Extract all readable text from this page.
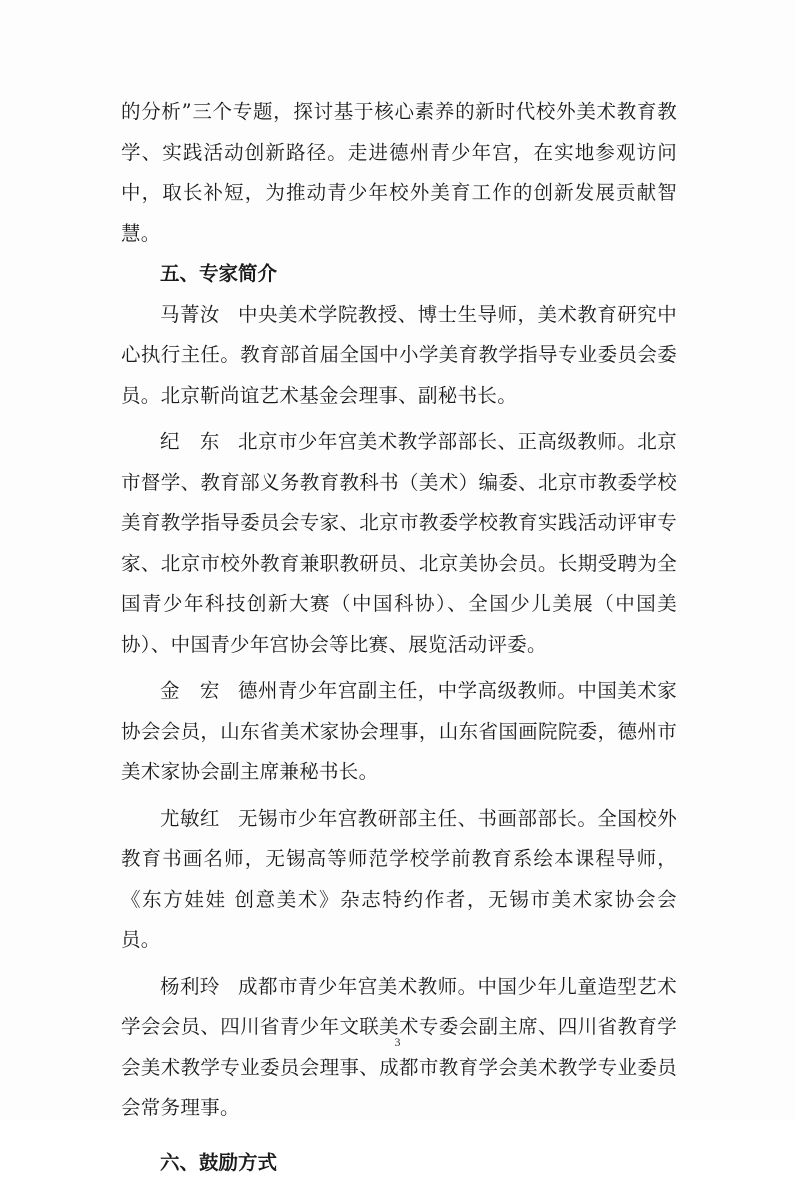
的分析”三个专题，探讨基于核心素养的新时代校外美术教育教学、实践活动创新路径。走进德州青少年宫，在实地参观访问中，取长补短，为推动青少年校外美育工作的创新发展贡献智慧。

五、专家简介

马菁汝 中央美术学院教授、博士生导师，美术教育研究中心执行主任。教育部首届全国中小学美育教学指导专业委员会委员。北京靳尚谊艺术基金会理事、副秘书长。

纪　东 北京市少年宫美术教学部部长、正高级教师。北京市督学、教育部义务教育教科书（美术）编委、北京市教委学校美育教学指导委员会专家、北京市教委学校教育实践活动评审专家、北京市校外教育兼职教研员、北京美协会员。长期受聘为全国青少年科技创新大赛（中国科协）、全国少儿美展（中国美协）、中国青少年宫协会等比赛、展览活动评委。

金　宏 德州青少年宫副主任，中学高级教师。中国美术家协会会员，山东省美术家协会理事，山东省国画院院委，德州市美术家协会副主席兼秘书长。

尤敏红 无锡市少年宫教研部主任、书画部部长。全国校外教育书画名师，无锡高等师范学校学前教育系绘本课程导师，《东方娃娃 创意美术》杂志特约作者，无锡市美术家协会会员。

杨利玲 成都市青少年宫美术教师。中国少年儿童造型艺术学会会员、四川省青少年文联美术专委会副主席、四川省教育学会美术教学专业委员会理事、成都市教育学会美术教学专业委员会常务理事。

六、鼓励方式

3
